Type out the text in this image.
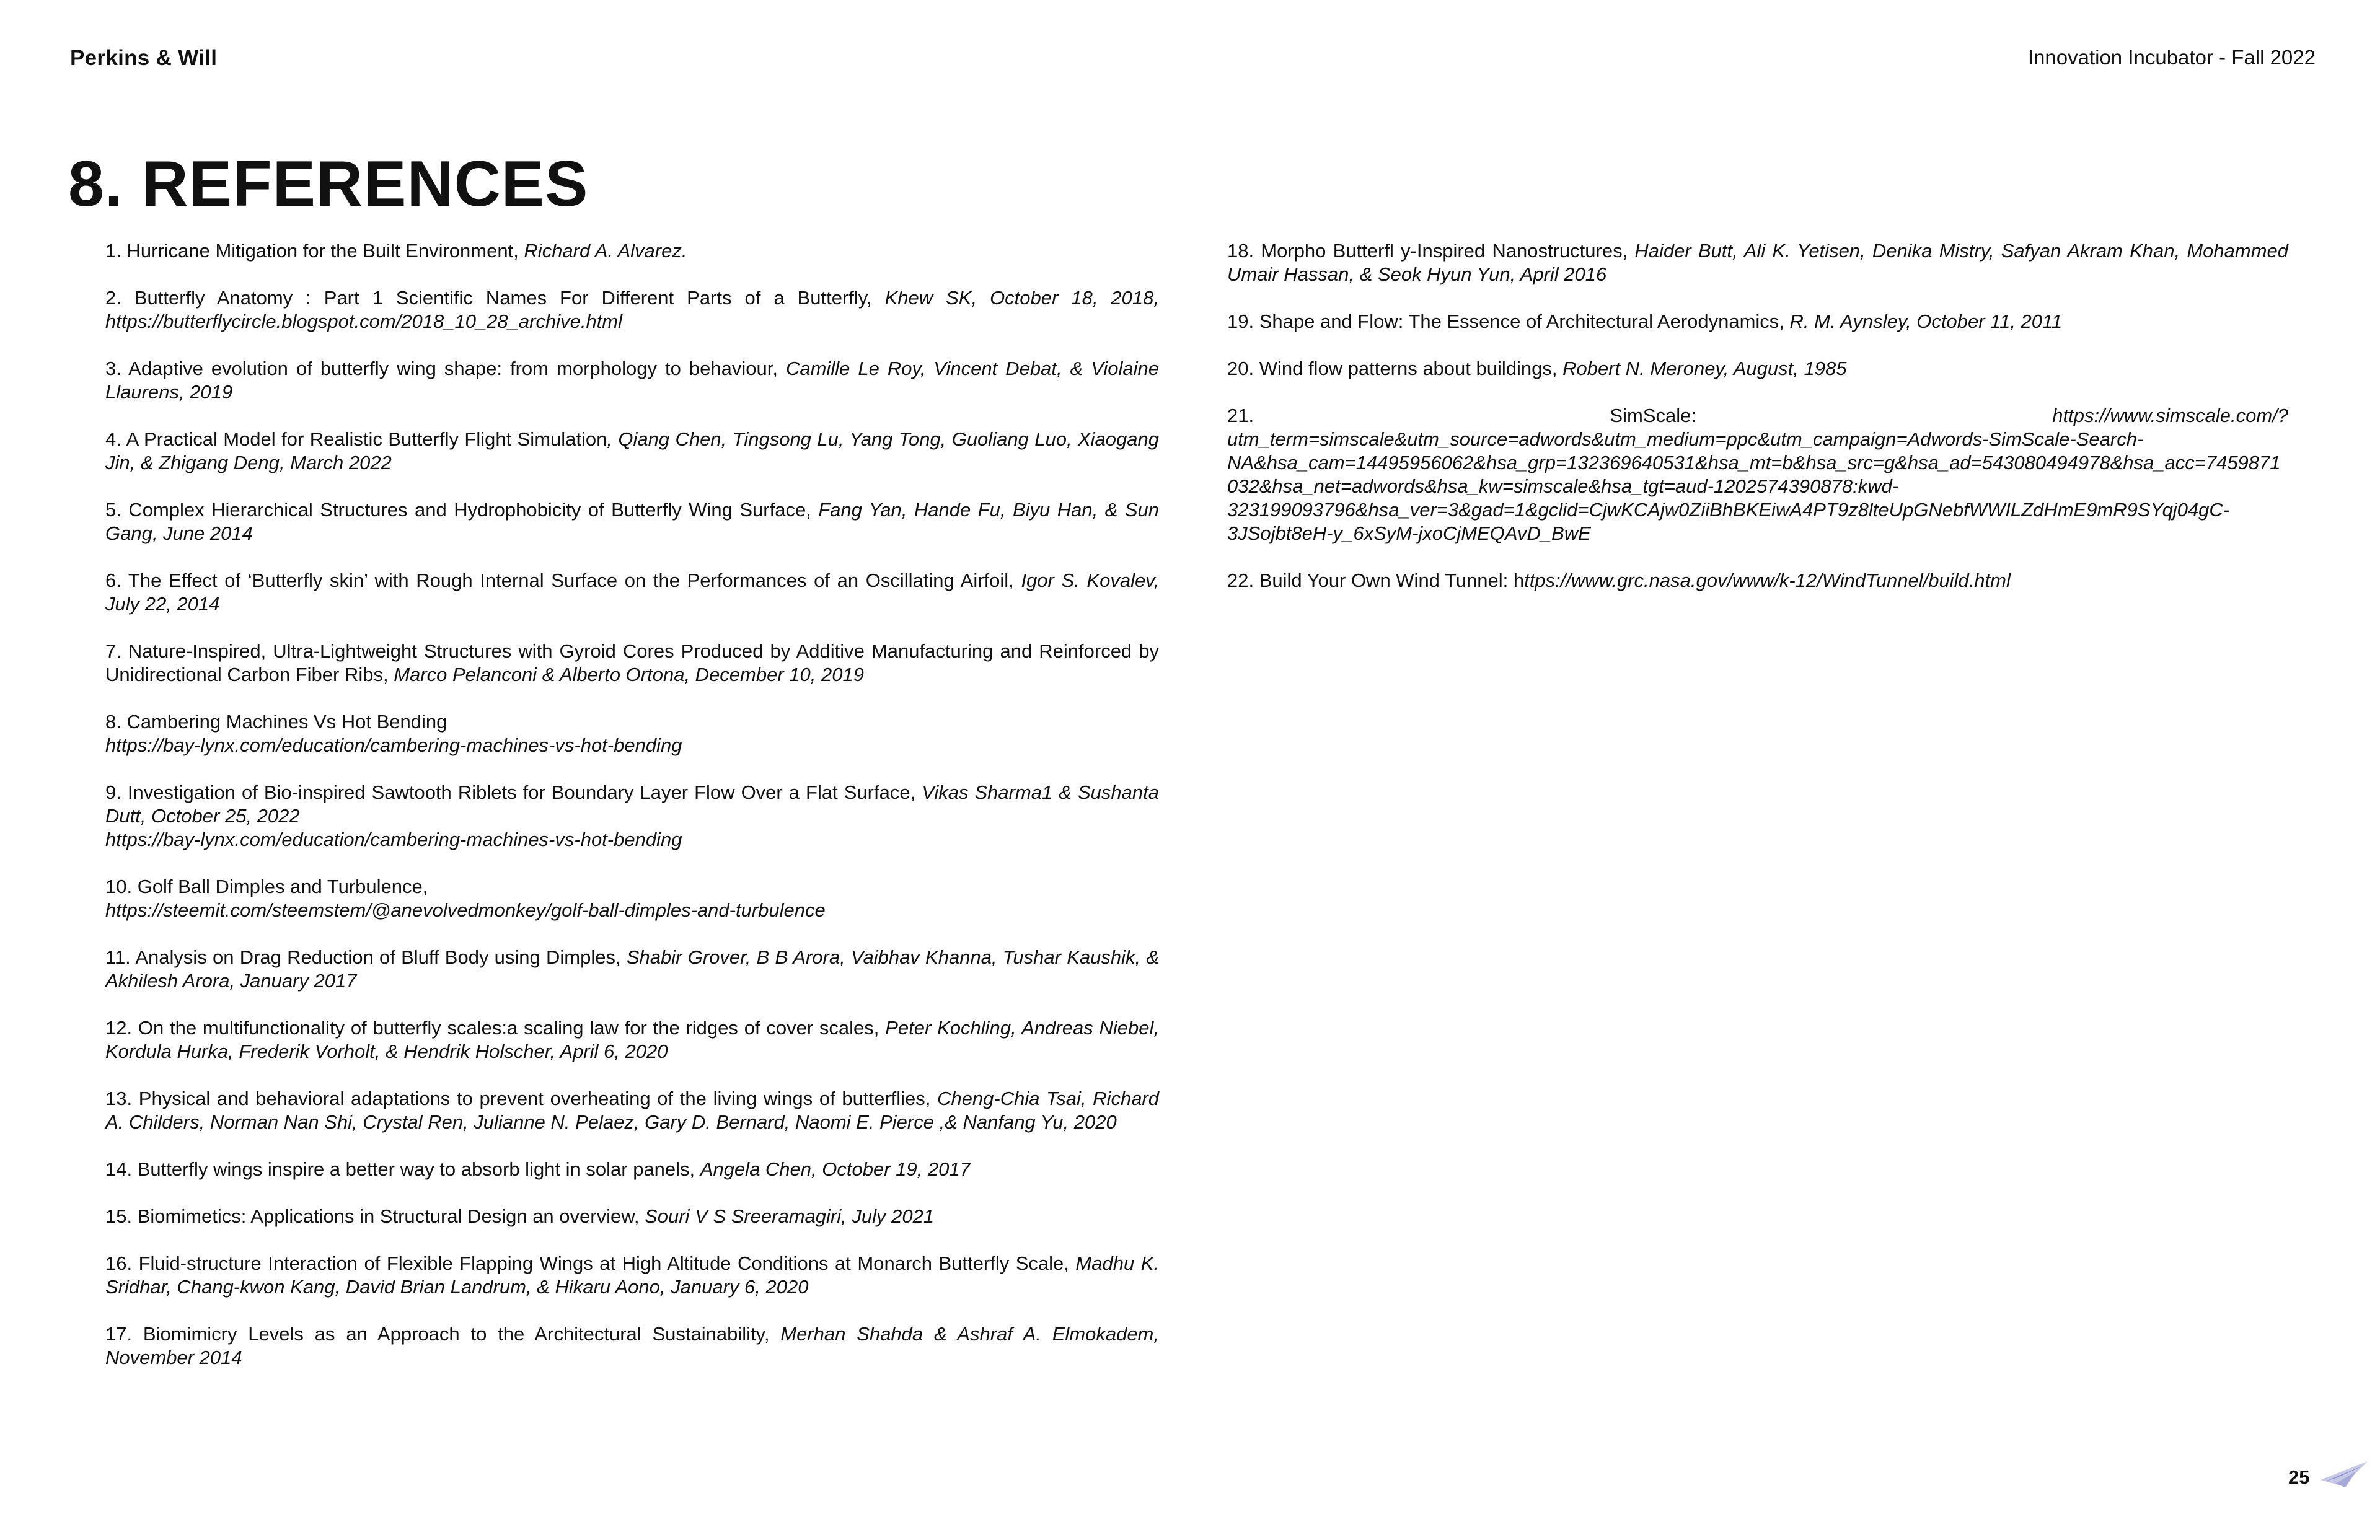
Perkins & Will	Innovation Incubator - Fall 2022
8. REFERENCES

1. Hurricane Mitigation for the Built Environment, Richard A. Alvarez.

2. Butterfly Anatomy : Part 1 Scientific Names For Different Parts of a Butterfly, Khew SK, October 18, 2018, https://butterflycircle.blogspot.com/2018_10_28_archive.html

3. Adaptive evolution of butterfly wing shape: from morphology to behaviour, Camille Le Roy, Vincent Debat, & Violaine Llaurens, 2019

4. A Practical Model for Realistic Butterfly Flight Simulation, Qiang Chen, Tingsong Lu, Yang Tong, Guoliang Luo, Xiaogang Jin, & Zhigang Deng, March 2022

5. Complex Hierarchical Structures and Hydrophobicity of Butterfly Wing Surface, Fang Yan, Hande Fu, Biyu Han, & Sun Gang, June 2014

6. The Effect of ‘Butterfly skin’ with Rough Internal Surface on the Performances of an Oscillating Airfoil, Igor S. Kovalev, July 22, 2014

7. Nature-Inspired, Ultra-Lightweight Structures with Gyroid Cores Produced by Additive Manufacturing and Reinforced by Unidirectional Carbon Fiber Ribs, Marco Pelanconi & Alberto Ortona, December 10, 2019

8. Cambering Machines Vs Hot Bending
https://bay-lynx.com/education/cambering-machines-vs-hot-bending

9. Investigation of Bio-inspired Sawtooth Riblets for Boundary Layer Flow Over a Flat Surface, Vikas Sharma1 & Sushanta Dutt, October 25, 2022
https://bay-lynx.com/education/cambering-machines-vs-hot-bending

10. Golf Ball Dimples and Turbulence,
https://steemit.com/steemstem/@anevolvedmonkey/golf-ball-dimples-and-turbulence

11. Analysis on Drag Reduction of Bluff Body using Dimples, Shabir Grover, B B Arora, Vaibhav Khanna, Tushar Kaushik, & Akhilesh Arora, January 2017

12. On the multifunctionality of butterfly scales:a scaling law for the ridges of cover scales, Peter Kochling, Andreas Niebel, Kordula Hurka, Frederik Vorholt, & Hendrik Holscher, April 6, 2020

13. Physical and behavioral adaptations to prevent overheating of the living wings of butterflies, Cheng-Chia Tsai, Richard A. Childers, Norman Nan Shi, Crystal Ren, Julianne N. Pelaez, Gary D. Bernard, Naomi E. Pierce ,& Nanfang Yu, 2020

14. Butterfly wings inspire a better way to absorb light in solar panels, Angela Chen, October 19, 2017

15. Biomimetics: Applications in Structural Design an overview, Souri V S Sreeramagiri, July 2021

16. Fluid-structure Interaction of Flexible Flapping Wings at High Altitude Conditions at Monarch Butterfly Scale, Madhu K. Sridhar, Chang-kwon Kang, David Brian Landrum, & Hikaru Aono, January 6, 2020

17. Biomimicry Levels as an Approach to the Architectural Sustainability, Merhan Shahda & Ashraf A. Elmokadem, November 2014

18. Morpho Butterfl y-Inspired Nanostructures, Haider Butt, Ali K. Yetisen, Denika Mistry, Safyan Akram Khan, Mohammed Umair Hassan, & Seok Hyun Yun, April 2016

19. Shape and Flow: The Essence of Architectural Aerodynamics, R. M. Aynsley, October 11, 2011

20. Wind flow patterns about buildings, Robert N. Meroney, August, 1985

21. SimScale: https://www.simscale.com/?utm_term=simscale&utm_source=adwords&utm_medium=ppc&utm_campaign=Adwords-SimScale-Search-NA&hsa_cam=14495956062&hsa_grp=132369640531&hsa_mt=b&hsa_src=g&hsa_ad=543080494978&hsa_acc=7459871032&hsa_net=adwords&hsa_kw=simscale&hsa_tgt=aud-1202574390878:kwd-323199093796&hsa_ver=3&gad=1&gclid=CjwKCAjw0ZiiBhBKEiwA4PT9z8lteUpGNebfWWILZdHmE9mR9SYqj04gC-3JSojbt8eH-y_6xSyM-jxoCjMEQAvD_BwE

22. Build Your Own Wind Tunnel: https://www.grc.nasa.gov/www/k-12/WindTunnel/build.html

25
